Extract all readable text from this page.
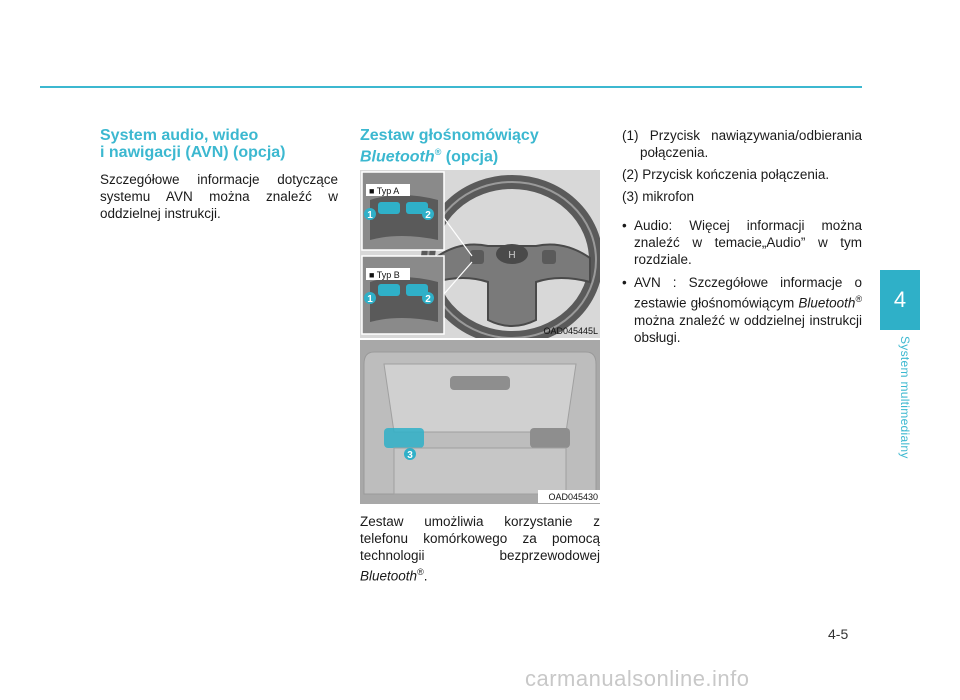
System audio, wideo
i nawigacji (AVN) (opcja)

Szczegółowe informacje dotyczące systemu AVN można znaleźć w oddzielnej instrukcji.

Zestaw głośnomówiący
Bluetooth® (opcja)
H
■ Typ A
1	2
■ Typ B
1	2
OAD045445L
3
OAD045430

Zestaw umożliwia korzystanie z telefonu komórkowego za pomocą technologii bezprzewodowej Bluetooth®.

(1) Przycisk nawiązywania/odbierania połączenia.
(2) Przycisk kończenia połączenia.
(3) mikrofon
• Audio: Więcej informacji można znaleźć w temacie„Audio” w tym rozdziale.
• AVN : Szczegółowe informacje o zestawie głośnomówiącym Bluetooth® można znaleźć w oddzielnej instrukcji obsługi.
4
System multimedialny
4-5
carmanualsonline.info
